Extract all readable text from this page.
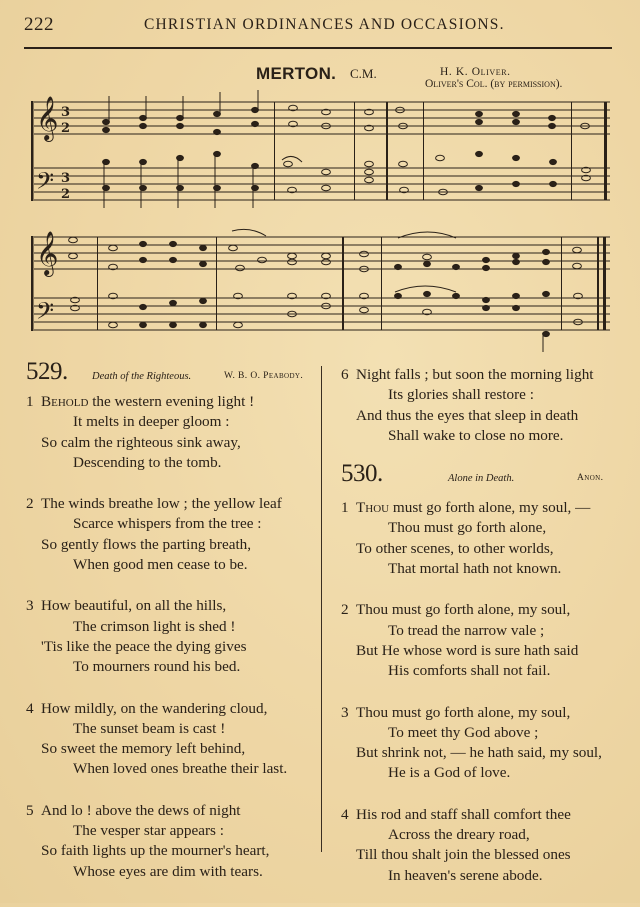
222	CHRISTIAN ORDINANCES AND OCCASIONS.
MERTON. C.M.	H. K. Oliver.
Oliver's Col. (by permission).
𝄞
𝄢
3
2
3
2
𝄞
𝄢
529. Death of the Righteous.	W. B. O. Peabody.
1 Behold the western evening light !
It melts in deeper gloom :
So calm the righteous sink away,
Descending to the tomb.
2 The winds breathe low ; the yellow leaf
Scarce whispers from the tree :
So gently flows the parting breath,
When good men cease to be.
3 How beautiful, on all the hills,
The crimson light is shed !
'Tis like the peace the dying gives
To mourners round his bed.
4 How mildly, on the wandering cloud,
The sunset beam is cast !
So sweet the memory left behind,
When loved ones breathe their last.
5 And lo ! above the dews of night
The vesper star appears :
So faith lights up the mourner's heart,
Whose eyes are dim with tears.
6 Night falls ; but soon the morning light
Its glories shall restore :
And thus the eyes that sleep in death
Shall wake to close no more.
530.	Alone in Death.	Anon.
1 Thou must go forth alone, my soul, —
Thou must go forth alone,
To other scenes, to other worlds,
That mortal hath not known.
2 Thou must go forth alone, my soul,
To tread the narrow vale ;
But He whose word is sure hath said
His comforts shall not fail.
3 Thou must go forth alone, my soul,
To meet thy God above ;
But shrink not, — he hath said, my soul,
He is a God of love.
4 His rod and staff shall comfort thee
Across the dreary road,
Till thou shalt join the blessed ones
In heaven's serene abode.
